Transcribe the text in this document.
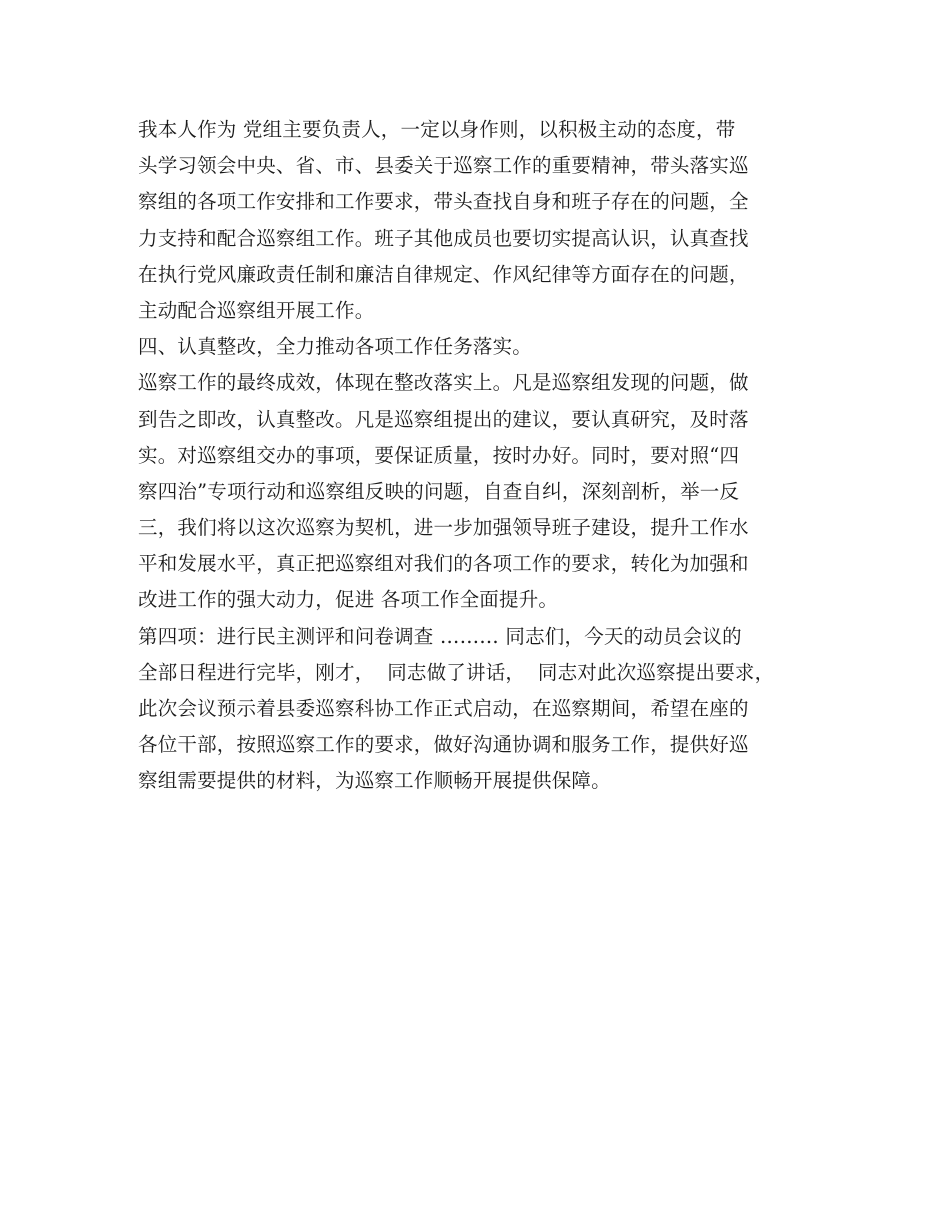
我本人作为 党组主要负责人，一定以身作则，以积极主动的态度，带
头学习领会中央、省、市、县委关于巡察工作的重要精神，带头落实巡
察组的各项工作安排和工作要求，带头查找自身和班子存在的问题，全
力支持和配合巡察组工作。班子其他成员也要切实提高认识，认真查找
在执行党风廉政责任制和廉洁自律规定、作风纪律等方面存在的问题，
主动配合巡察组开展工作。
四、认真整改，全力推动各项工作任务落实。
巡察工作的最终成效，体现在整改落实上。凡是巡察组发现的问题，做
到告之即改，认真整改。凡是巡察组提出的建议，要认真研究，及时落
实。对巡察组交办的事项，要保证质量，按时办好。同时，要对照“四
察四治”专项行动和巡察组反映的问题，自查自纠，深刻剖析，举一反
三，我们将以这次巡察为契机，进一步加强领导班子建设，提升工作水
平和发展水平，真正把巡察组对我们的各项工作的要求，转化为加强和
改进工作的强大动力，促进 各项工作全面提升。
第四项：进行民主测评和问卷调查 ……… 同志们，今天的动员会议的
全部日程进行完毕，刚才，  同志做了讲话，  同志对此次巡察提出要求，
此次会议预示着县委巡察科协工作正式启动，在巡察期间，希望在座的
各位干部，按照巡察工作的要求，做好沟通协调和服务工作，提供好巡
察组需要提供的材料，为巡察工作顺畅开展提供保障。
